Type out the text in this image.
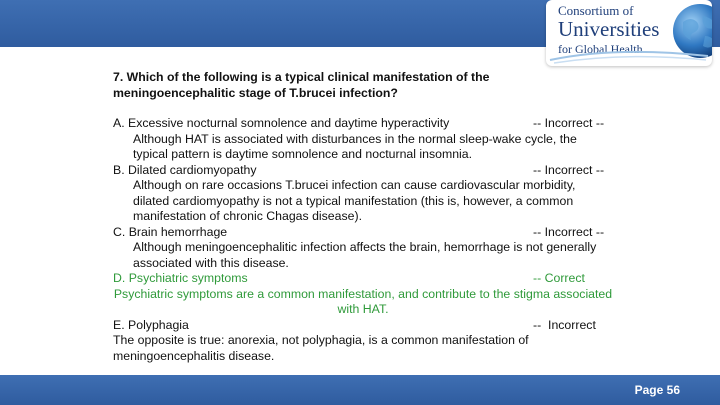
Consortium of
Universities
for Global Health
7. Which of the following is a typical clinical manifestation of the meningoencephalitic stage of T.brucei infection?
A. Excessive nocturnal somnolence and daytime hyperactivity	-- Incorrect --
Although HAT is associated with disturbances in the normal sleep-wake cycle, the typical pattern is daytime somnolence and nocturnal insomnia.
B. Dilated cardiomyopathy	-- Incorrect --
Although on rare occasions T.brucei infection can cause cardiovascular morbidity, dilated cardiomyopathy is not a typical manifestation (this is, however, a common manifestation of chronic Chagas disease).
C. Brain hemorrhage	-- Incorrect --
Although meningoencephalitic infection affects the brain, hemorrhage is not generally associated with this disease.
D. Psychiatric symptoms	-- Correct
Psychiatric symptoms are a common manifestation, and contribute to the stigma associated with HAT.
E. Polyphagia	--  Incorrect
The opposite is true: anorexia, not polyphagia, is a common manifestation of meningoencephalitis disease.
Page 56
